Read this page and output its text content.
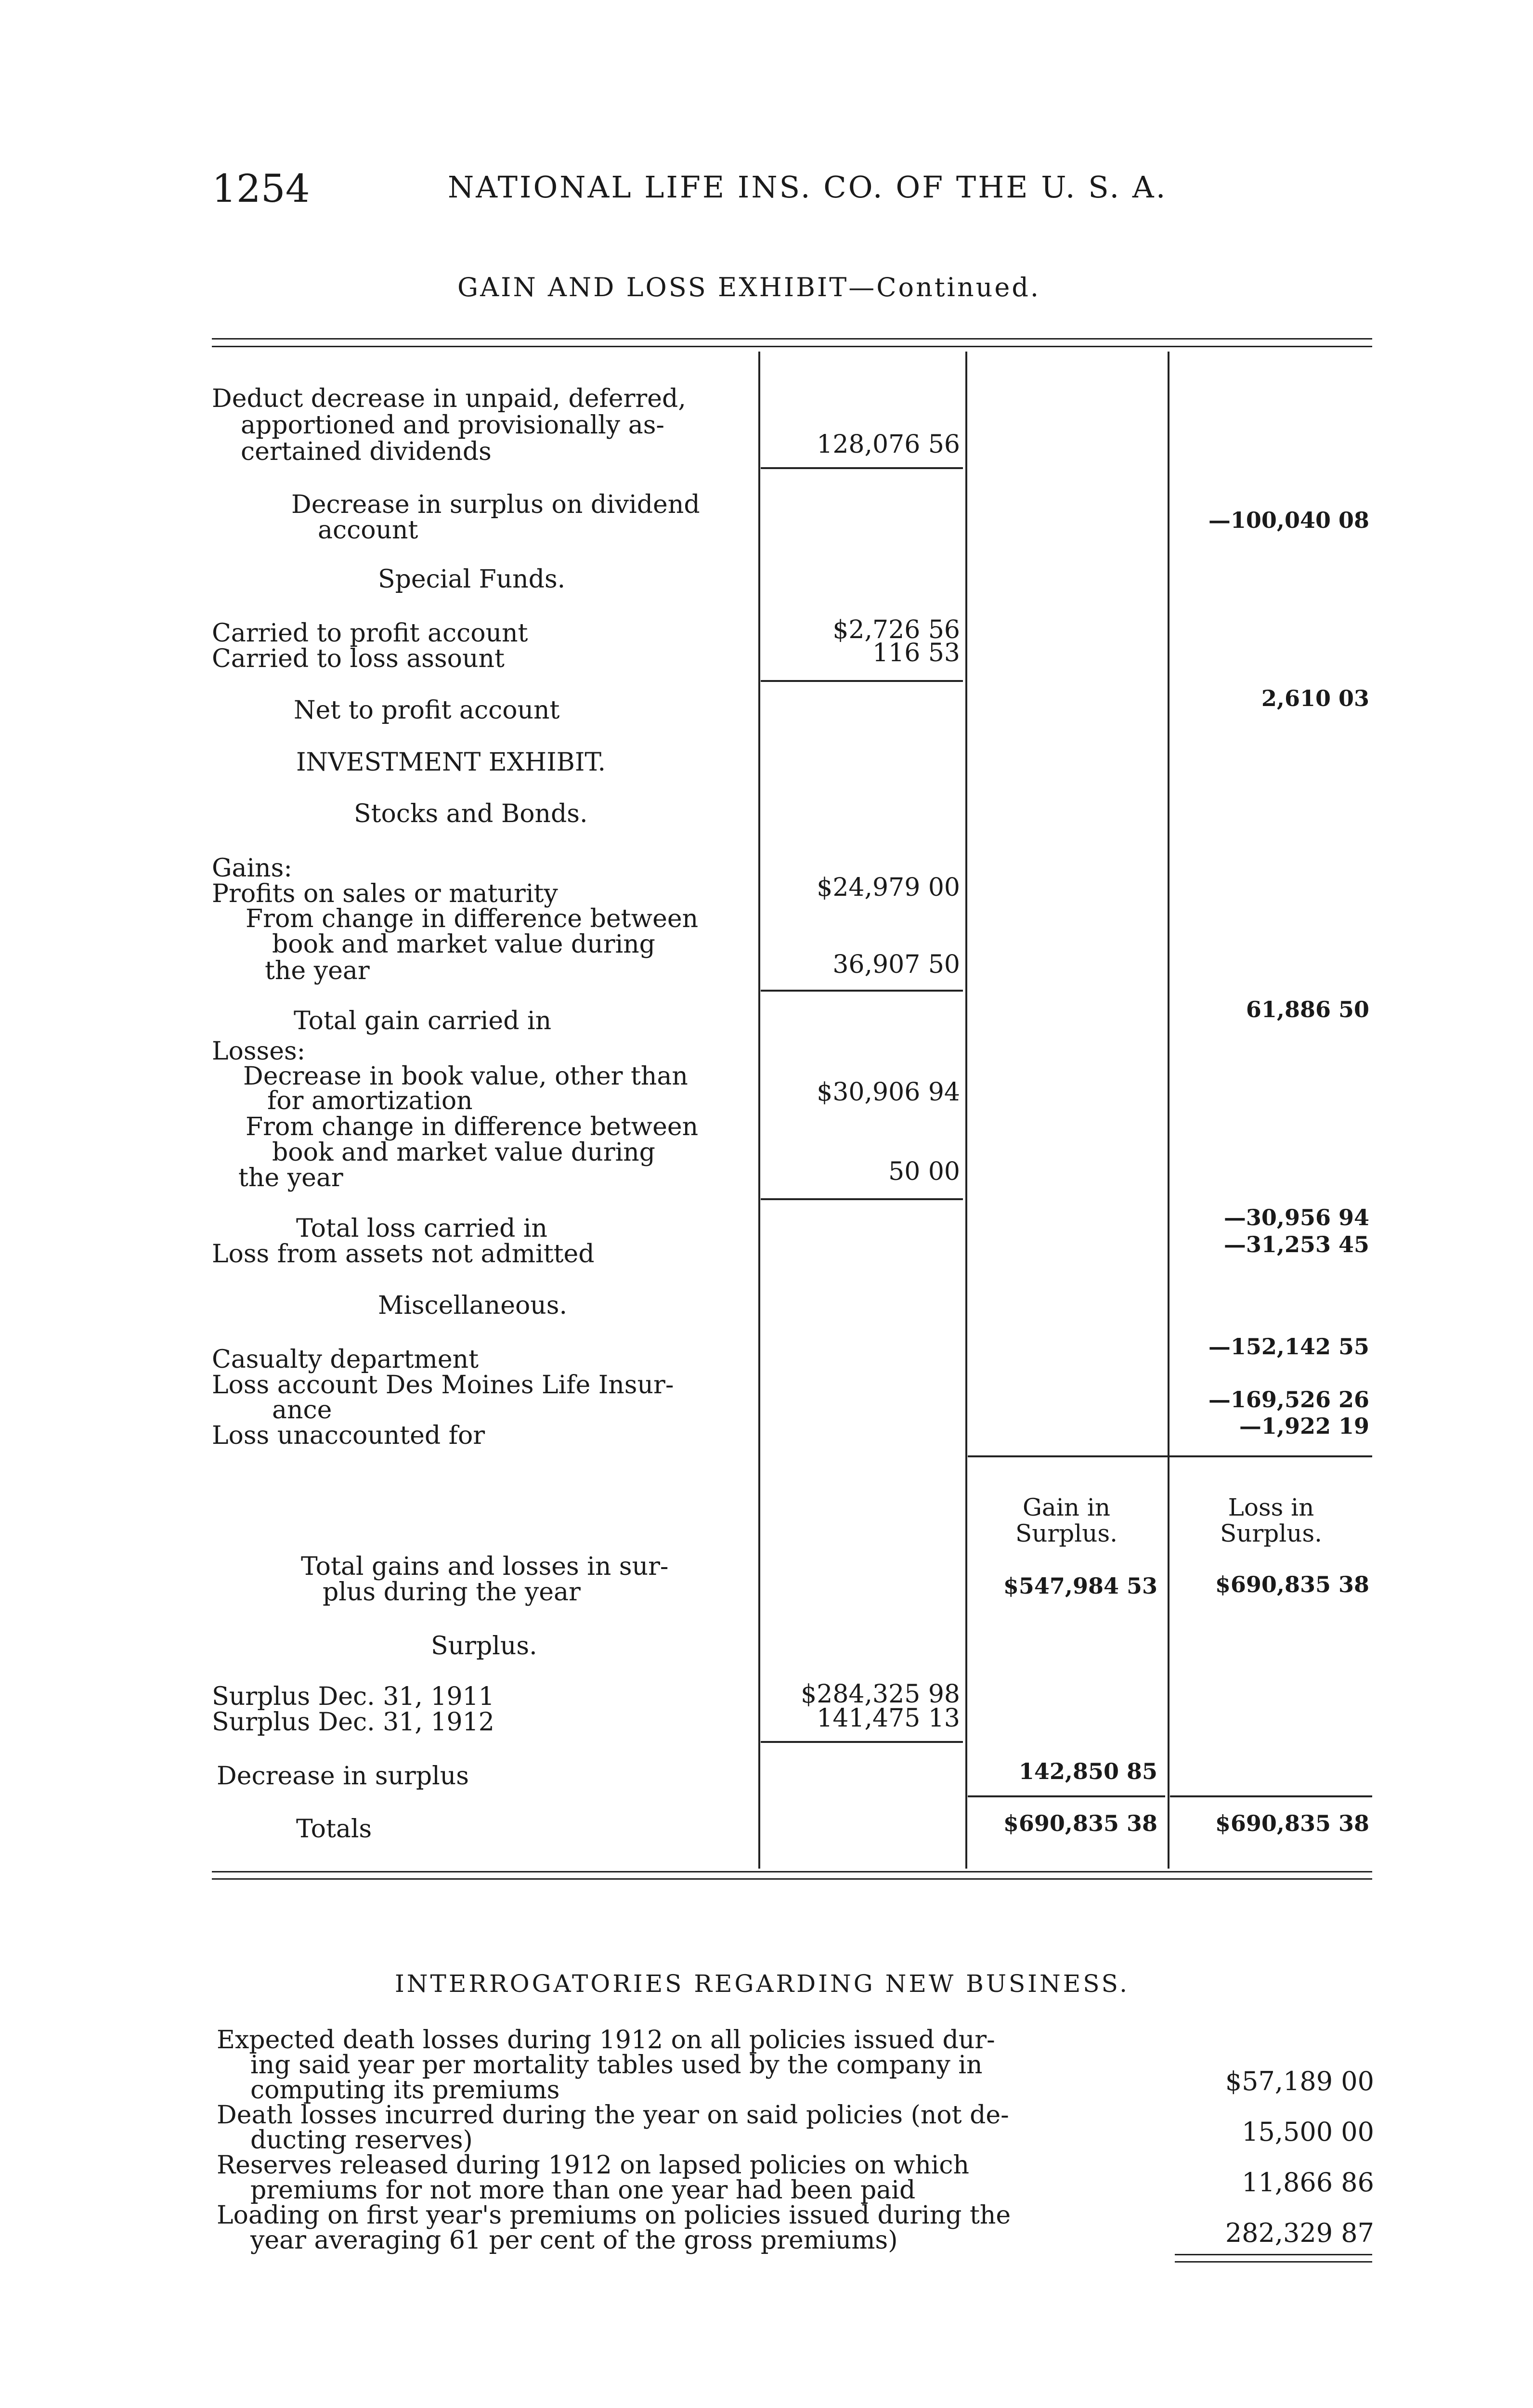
1254	NATIONAL LIFE INS. CO. OF THE U. S. A.
GAIN AND LOSS EXHIBIT—Continued.
Deduct decrease in unpaid, deferred,
apportioned and provisionally as-
certained dividends	128,076 56
Decrease in surplus on dividend
account	—100,040 08
Special Funds.
Carried to profit account	$2,726 56
Carried to loss assount	116 53
Net to profit account	2,610 03
INVESTMENT EXHIBIT.
Stocks and Bonds.
Gains:
Profits on sales or maturity	$24,979 00
From change in difference between
book and market value during
the year	36,907 50
Total gain carried in	61,886 50
Losses:
Decrease in book value, other than
for amortization	$30,906 94
From change in difference between
book and market value during
the year	50 00
Total loss carried in	—30,956 94
Loss from assets not admitted	—31,253 45
Miscellaneous.
Casualty department	—152,142 55
Loss account Des Moines Life Insur-
ance	—169,526 26
Loss unaccounted for	—1,922 19
Gain in
Surplus.
Loss in
Surplus.
Total gains and losses in sur-
plus during the year	$547,984 53	$690,835 38
Surplus.
Surplus Dec. 31, 1911	$284,325 98
Surplus Dec. 31, 1912	141,475 13
Decrease in surplus	142,850 85
Totals	$690,835 38	$690,835 38
INTERROGATORIES REGARDING NEW BUSINESS.
Expected death losses during 1912 on all policies issued dur-
ing said year per mortality tables used by the company in
computing its premiums	$57,189 00
Death losses incurred during the year on said policies (not de-
ducting reserves)	15,500 00
Reserves released during 1912 on lapsed policies on which
premiums for not more than one year had been paid	11,866 86
Loading on first year's premiums on policies issued during the
year averaging 61 per cent of the gross premiums)	282,329 87
